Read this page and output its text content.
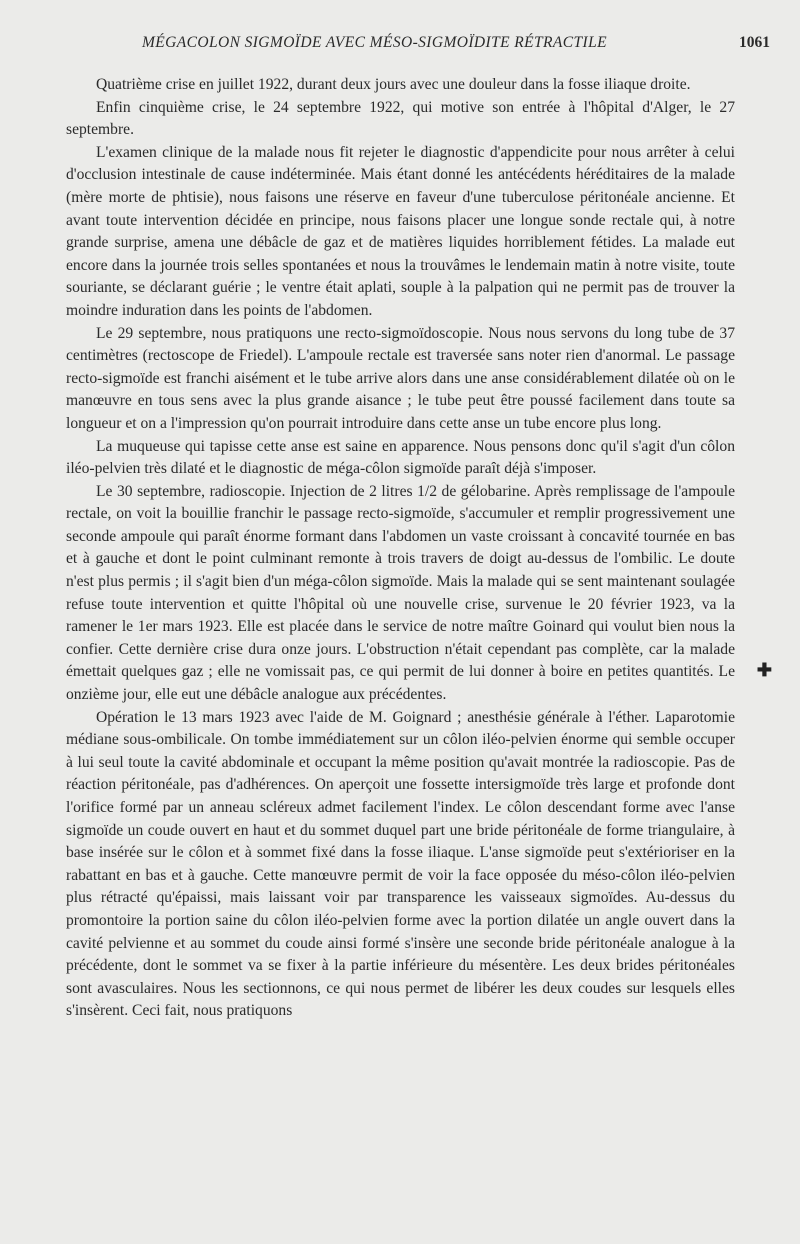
MÉGACOLON SIGMOÏDE AVEC MÉSO-SIGMOÏDITE RÉTRACTILE	1061

Quatrième crise en juillet 1922, durant deux jours avec une douleur dans la fosse iliaque droite.

Enfin cinquième crise, le 24 septembre 1922, qui motive son entrée à l'hôpital d'Alger, le 27 septembre.

L'examen clinique de la malade nous fit rejeter le diagnostic d'appendicite pour nous arrêter à celui d'occlusion intestinale de cause indéterminée. Mais étant donné les antécédents héréditaires de la malade (mère morte de phtisie), nous faisons une réserve en faveur d'une tuberculose péritonéale ancienne. Et avant toute intervention décidée en principe, nous faisons placer une longue sonde rectale qui, à notre grande surprise, amena une débâcle de gaz et de matières liquides horriblement fétides. La malade eut encore dans la journée trois selles spontanées et nous la trouvâmes le lendemain matin à notre visite, toute souriante, se déclarant guérie ; le ventre était aplati, souple à la palpation qui ne permit pas de trouver la moindre induration dans les points de l'abdomen.

Le 29 septembre, nous pratiquons une recto-sigmoïdoscopie. Nous nous servons du long tube de 37 centimètres (rectoscope de Friedel). L'ampoule rectale est traversée sans noter rien d'anormal. Le passage recto-sigmoïde est franchi aisément et le tube arrive alors dans une anse considérablement dilatée où on le manœuvre en tous sens avec la plus grande aisance ; le tube peut être poussé facilement dans toute sa longueur et on a l'impression qu'on pourrait introduire dans cette anse un tube encore plus long.

La muqueuse qui tapisse cette anse est saine en apparence. Nous pensons donc qu'il s'agit d'un côlon iléo-pelvien très dilaté et le diagnostic de méga-côlon sigmoïde paraît déjà s'imposer.

Le 30 septembre, radioscopie. Injection de 2 litres 1/2 de gélobarine. Après remplissage de l'ampoule rectale, on voit la bouillie franchir le passage recto-sigmoïde, s'accumuler et remplir progressivement une seconde ampoule qui paraît énorme formant dans l'abdomen un vaste croissant à concavité tournée en bas et à gauche et dont le point culminant remonte à trois travers de doigt au-dessus de l'ombilic. Le doute n'est plus permis ; il s'agit bien d'un méga-côlon sigmoïde. Mais la malade qui se sent maintenant soulagée refuse toute intervention et quitte l'hôpital où une nouvelle crise, survenue le 20 février 1923, va la ramener le 1er mars 1923. Elle est placée dans le service de notre maître Goinard qui voulut bien nous la confier. Cette dernière crise dura onze jours. L'obstruction n'était cependant pas complète, car la malade émettait quelques gaz ; elle ne vomissait pas, ce qui permit de lui donner à boire en petites quantités. Le onzième jour, elle eut une débâcle analogue aux précédentes.

Opération le 13 mars 1923 avec l'aide de M. Goignard ; anesthésie générale à l'éther. Laparotomie médiane sous-ombilicale. On tombe immédiatement sur un côlon iléo-pelvien énorme qui semble occuper à lui seul toute la cavité abdominale et occupant la même position qu'avait montrée la radioscopie. Pas de réaction péritonéale, pas d'adhérences. On aperçoit une fossette intersigmoïde très large et profonde dont l'orifice formé par un anneau scléreux admet facilement l'index. Le côlon descendant forme avec l'anse sigmoïde un coude ouvert en haut et du sommet duquel part une bride péritonéale de forme triangulaire, à base insérée sur le côlon et à sommet fixé dans la fosse iliaque. L'anse sigmoïde peut s'extérioriser en la rabattant en bas et à gauche. Cette manœuvre permit de voir la face opposée du méso-côlon iléo-pelvien plus rétracté qu'épaissi, mais laissant voir par transparence les vaisseaux sigmoïdes. Au-dessus du promontoire la portion saine du côlon iléo-pelvien forme avec la portion dilatée un angle ouvert dans la cavité pelvienne et au sommet du coude ainsi formé s'insère une seconde bride péritonéale analogue à la précédente, dont le sommet va se fixer à la partie inférieure du mésentère. Les deux brides péritonéales sont avasculaires. Nous les sectionnons, ce qui nous permet de libérer les deux coudes sur lesquels elles s'insèrent. Ceci fait, nous pratiquons

✚
